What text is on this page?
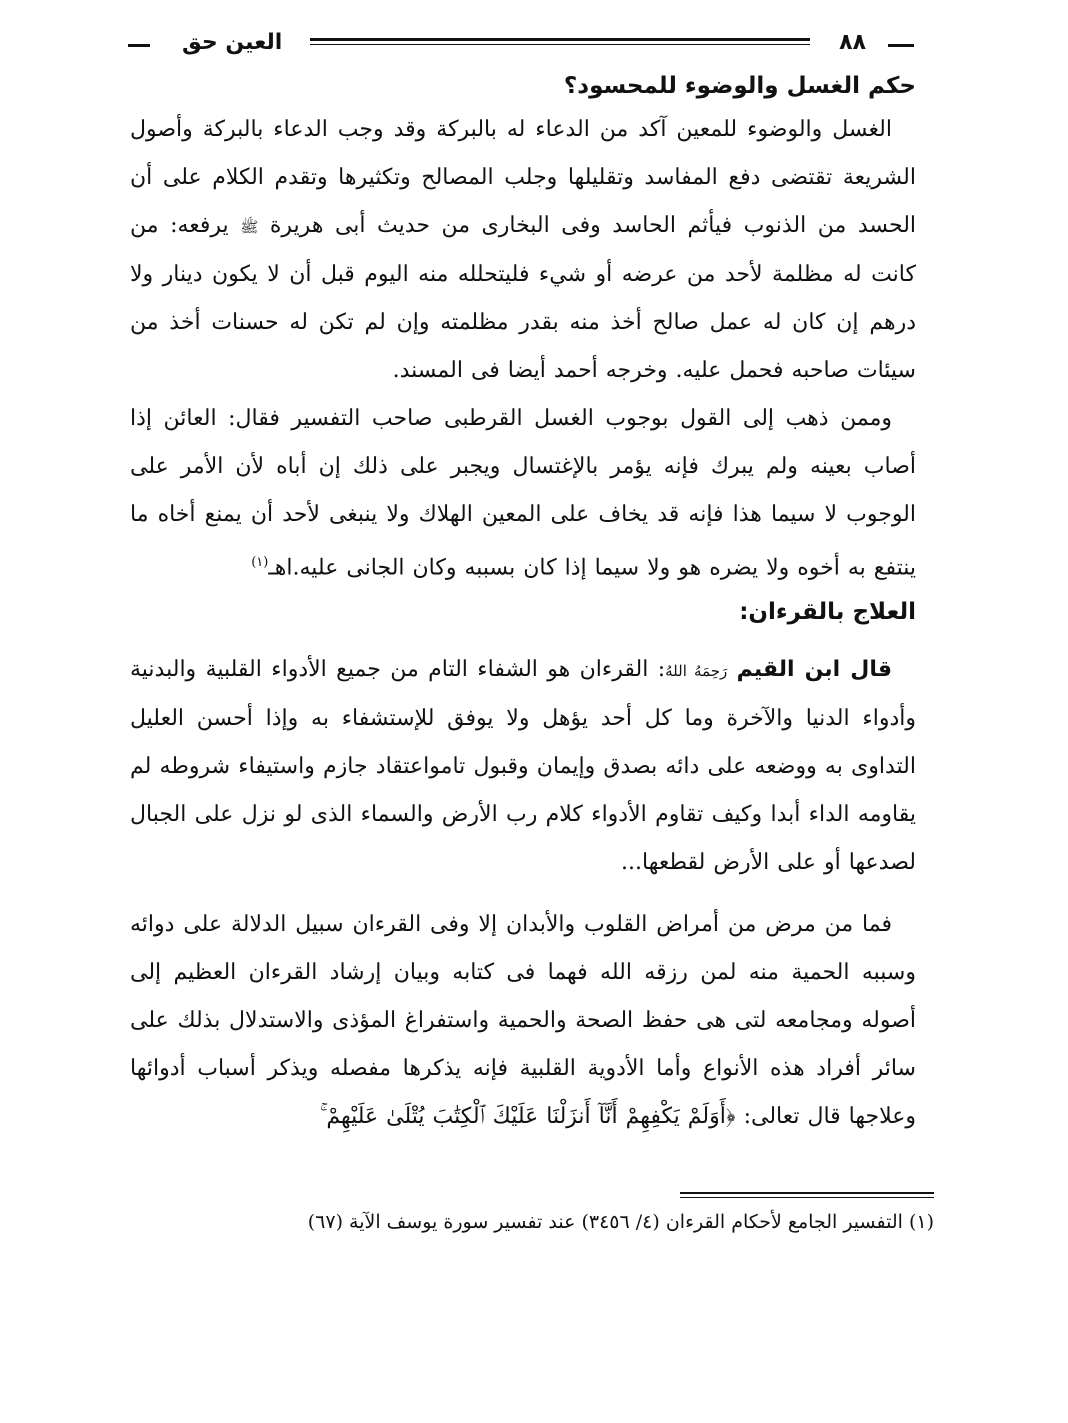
٨٨
العين حق
حكم الغسل والوضوء للمحسود؟

الغسل والوضوء للمعين آكد من الدعاء له بالبركة وقد وجب الدعاء بالبركة وأصول الشريعة تقتضى دفع المفاسد وتقليلها وجلب المصالح وتكثيرها وتقدم الكلام على أن الحسد من الذنوب فيأثم الحاسد وفى البخارى من حديث أبى هريرة ﷺ يرفعه: من كانت له مظلمة لأحد من عرضه أو شيء فليتحلله منه اليوم قبل أن لا يكون دينار ولا درهم إن كان له عمل صالح أخذ منه بقدر مظلمته وإن لم تكن له حسنات أخذ من سيئات صاحبه فحمل عليه. وخرجه أحمد أيضا فى المسند.

وممن ذهب إلى القول بوجوب الغسل القرطبى صاحب التفسير فقال: العائن إذا أصاب بعينه ولم يبرك فإنه يؤمر بالإغتسال ويجبر على ذلك إن أباه لأن الأمر على الوجوب لا سيما هذا فإنه قد يخاف على المعين الهلاك ولا ينبغى لأحد أن يمنع أخاه ما ينتفع به أخوه ولا يضره هو ولا سيما إذا كان بسببه وكان الجانى عليه.اهـ$^{(١)}$

العلاج بالقرءان:

قال ابن القيم رَحِمَهُ اللهُ: القرءان هو الشفاء التام من جميع الأدواء القلبية والبدنية وأدواء الدنيا والآخرة وما كل أحد يؤهل ولا يوفق للإستشفاء به وإذا أحسن العليل التداوى به ووضعه على دائه بصدق وإيمان وقبول تامواعتقاد جازم واستيفاء شروطه لم يقاومه الداء أبدا وكيف تقاوم الأدواء كلام رب الأرض والسماء الذى لو نزل على الجبال لصدعها أو على الأرض لقطعها...

فما من مرض من أمراض القلوب والأبدان إلا وفى القرءان سبيل الدلالة على دوائه وسببه الحمية منه لمن رزقه الله فهما فى كتابه وبيان إرشاد القرءان العظيم إلى أصوله ومجامعه لتى هى حفظ الصحة والحمية واستفراغ المؤذى والاستدلال بذلك على سائر أفراد هذه الأنواع وأما الأدوية القلبية فإنه يذكرها مفصله ويذكر أسباب أدوائها وعلاجها قال تعالى: ﴿أَوَلَمْ يَكْفِهِمْ أَنَّآ أَنزَلْنَا عَلَيْكَ ٱلْكِتَٰبَ يُتْلَىٰ عَلَيْهِمْ ۚ

(١) التفسير الجامع لأحكام القرءان (٤/ ٣٤٥٦) عند تفسير سورة يوسف الآية (٦٧)
